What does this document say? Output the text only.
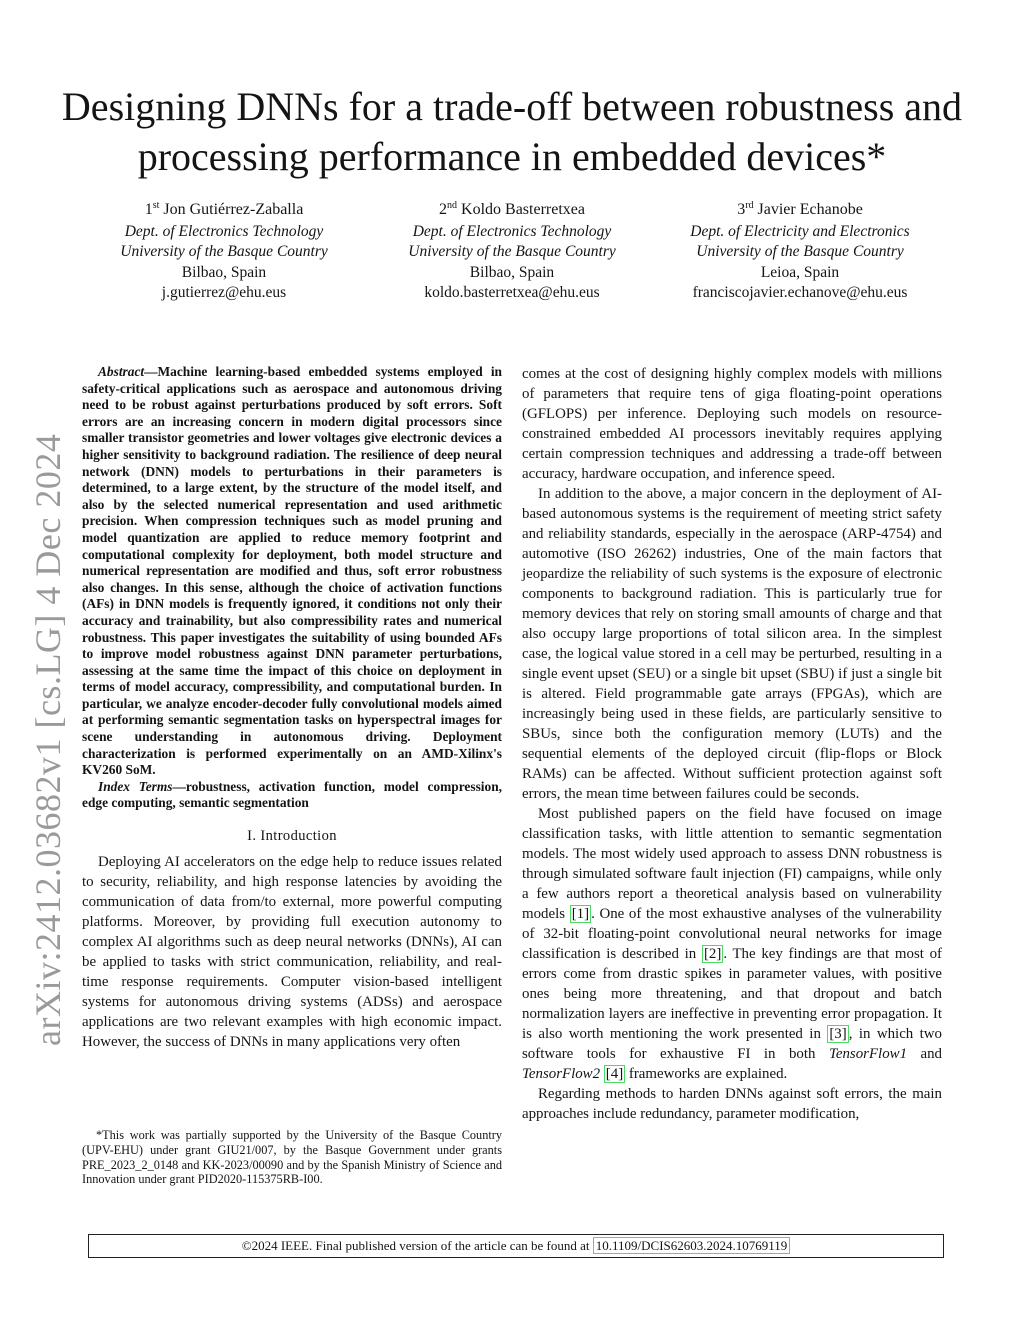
Designing DNNs for a trade-off between robustness and processing performance in embedded devices*
1st Jon Gutiérrez-Zaballa
Dept. of Electronics Technology
University of the Basque Country
Bilbao, Spain
j.gutierrez@ehu.eus
2nd Koldo Basterretxea
Dept. of Electronics Technology
University of the Basque Country
Bilbao, Spain
koldo.basterretxea@ehu.eus
3rd Javier Echanobe
Dept. of Electricity and Electronics
University of the Basque Country
Leioa, Spain
franciscojavier.echanove@ehu.eus
arXiv:2412.03682v1 [cs.LG] 4 Dec 2024

Abstract—Machine learning-based embedded systems employed in safety-critical applications such as aerospace and autonomous driving need to be robust against perturbations produced by soft errors. Soft errors are an increasing concern in modern digital processors since smaller transistor geometries and lower voltages give electronic devices a higher sensitivity to background radiation. The resilience of deep neural network (DNN) models to perturbations in their parameters is determined, to a large extent, by the structure of the model itself, and also by the selected numerical representation and used arithmetic precision. When compression techniques such as model pruning and model quantization are applied to reduce memory footprint and computational complexity for deployment, both model structure and numerical representation are modified and thus, soft error robustness also changes. In this sense, although the choice of activation functions (AFs) in DNN models is frequently ignored, it conditions not only their accuracy and trainability, but also compressibility rates and numerical robustness. This paper investigates the suitability of using bounded AFs to improve model robustness against DNN parameter perturbations, assessing at the same time the impact of this choice on deployment in terms of model accuracy, compressibility, and computational burden. In particular, we analyze encoder-decoder fully convolutional models aimed at performing semantic segmentation tasks on hyperspectral images for scene understanding in autonomous driving. Deployment characterization is performed experimentally on an AMD-Xilinx's KV260 SoM.

Index Terms—robustness, activation function, model compression, edge computing, semantic segmentation

I. Introduction

Deploying AI accelerators on the edge help to reduce issues related to security, reliability, and high response latencies by avoiding the communication of data from/to external, more powerful computing platforms. Moreover, by providing full execution autonomy to complex AI algorithms such as deep neural networks (DNNs), AI can be applied to tasks with strict communication, reliability, and real-time response requirements. Computer vision-based intelligent systems for autonomous driving systems (ADSs) and aerospace applications are two relevant examples with high economic impact. However, the success of DNNs in many applications very often

*This work was partially supported by the University of the Basque Country (UPV-EHU) under grant GIU21/007, by the Basque Government under grants PRE_2023_2_0148 and KK-2023/00090 and by the Spanish Ministry of Science and Innovation under grant PID2020-115375RB-I00.

comes at the cost of designing highly complex models with millions of parameters that require tens of giga floating-point operations (GFLOPS) per inference. Deploying such models on resource-constrained embedded AI processors inevitably requires applying certain compression techniques and addressing a trade-off between accuracy, hardware occupation, and inference speed.

In addition to the above, a major concern in the deployment of AI-based autonomous systems is the requirement of meeting strict safety and reliability standards, especially in the aerospace (ARP-4754) and automotive (ISO 26262) industries, One of the main factors that jeopardize the reliability of such systems is the exposure of electronic components to background radiation. This is particularly true for memory devices that rely on storing small amounts of charge and that also occupy large proportions of total silicon area. In the simplest case, the logical value stored in a cell may be perturbed, resulting in a single event upset (SEU) or a single bit upset (SBU) if just a single bit is altered. Field programmable gate arrays (FPGAs), which are increasingly being used in these fields, are particularly sensitive to SBUs, since both the configuration memory (LUTs) and the sequential elements of the deployed circuit (flip-flops or Block RAMs) can be affected. Without sufficient protection against soft errors, the mean time between failures could be seconds.

Most published papers on the field have focused on image classification tasks, with little attention to semantic segmentation models. The most widely used approach to assess DNN robustness is through simulated software fault injection (FI) campaigns, while only a few authors report a theoretical analysis based on vulnerability models [1] . One of the most exhaustive analyses of the vulnerability of 32-bit floating-point convolutional neural networks for image classification is described in [2] . The key findings are that most of errors come from drastic spikes in parameter values, with positive ones being more threatening, and that dropout and batch normalization layers are ineffective in preventing error propagation. It is also worth mentioning the work presented in [3] , in which two software tools for exhaustive FI in both TensorFlow1 and TensorFlow2 [4] frameworks are explained.

Regarding methods to harden DNNs against soft errors, the main approaches include redundancy, parameter modification,

©2024 IEEE. Final published version of the article can be found at 10.1109/DCIS62603.2024.10769119
